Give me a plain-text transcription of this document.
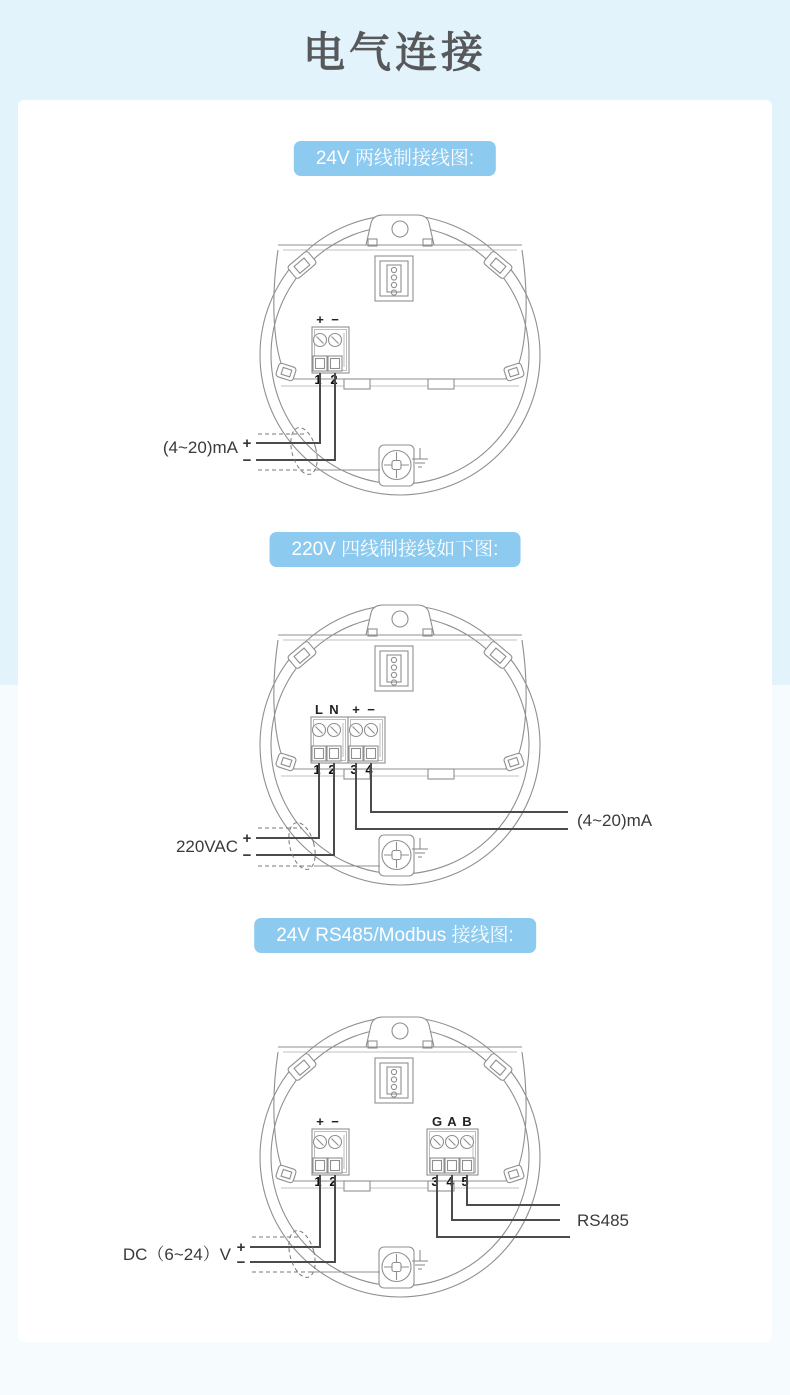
电气连接
24V 两线制接线图:
+ −
1 2
+
−
(4~20)mA
220V 四线制接线如下图:
L N + −
1 2 3 4
+
−
220VAC
(4~20)mA
24V RS485/Modbus 接线图:
+ −	G A B
1 2	3 4 5
+
−
DC（6~24）V
RS485
